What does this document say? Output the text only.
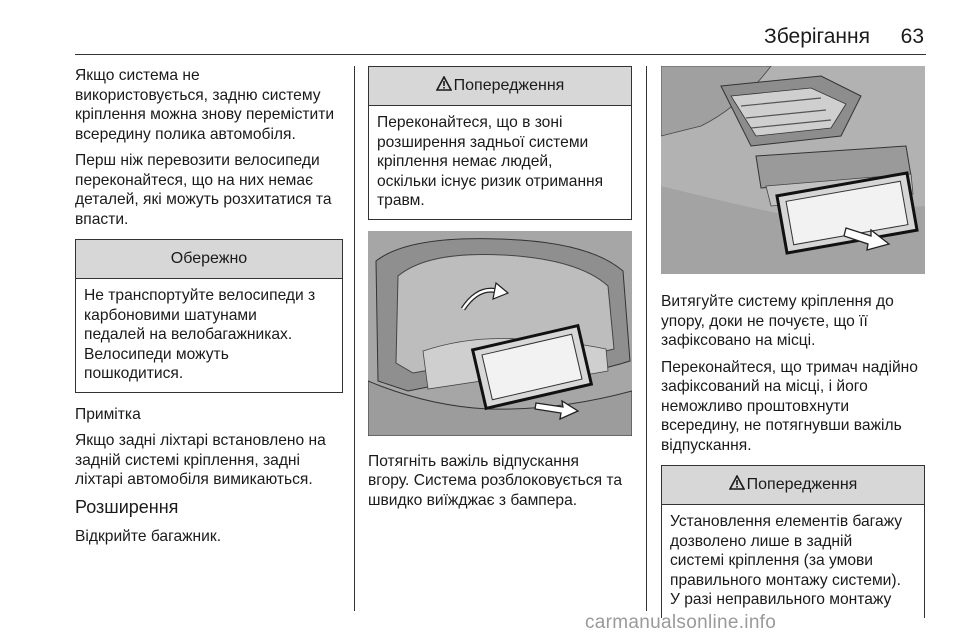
Зберігання 63

Якщо система не
використовується, задню систему
кріплення можна знову перемістити
всередину полика автомобіля.

Перш ніж перевозити велосипеди
переконайтеся, що на них немає
деталей, які можуть розхитатися та
впасти.

Обережно
Не транспортуйте велосипеди з
карбоновими шатунами
педалей на велобагажниках.
Велосипеди можуть
пошкодитися.

Примітка

Якщо задні ліхтарі встановлено на
задній системі кріплення, задні
ліхтарі автомобіля вимикаються.

Розширення

Відкрийте багажник.

Попередження
Переконайтеся, що в зоні
розширення задньої системи
кріплення немає людей,
оскільки існує ризик отримання
травм.

Потягніть важіль відпускання
вгору. Система розблоковується та
швидко виїжджає з бампера.

Витягуйте систему кріплення до
упору, доки не почуєте, що її
зафіксовано на місці.

Переконайтеся, що тримач надійно
зафіксований на місці, і його
неможливо проштовхнути
всередину, не потягнувши важіль
відпускання.

Попередження
Установлення елементів багажу
дозволено лише в задній
системі кріплення (за умови
правильного монтажу системи).
У разі неправильного монтажу
carmanualsonline.info
